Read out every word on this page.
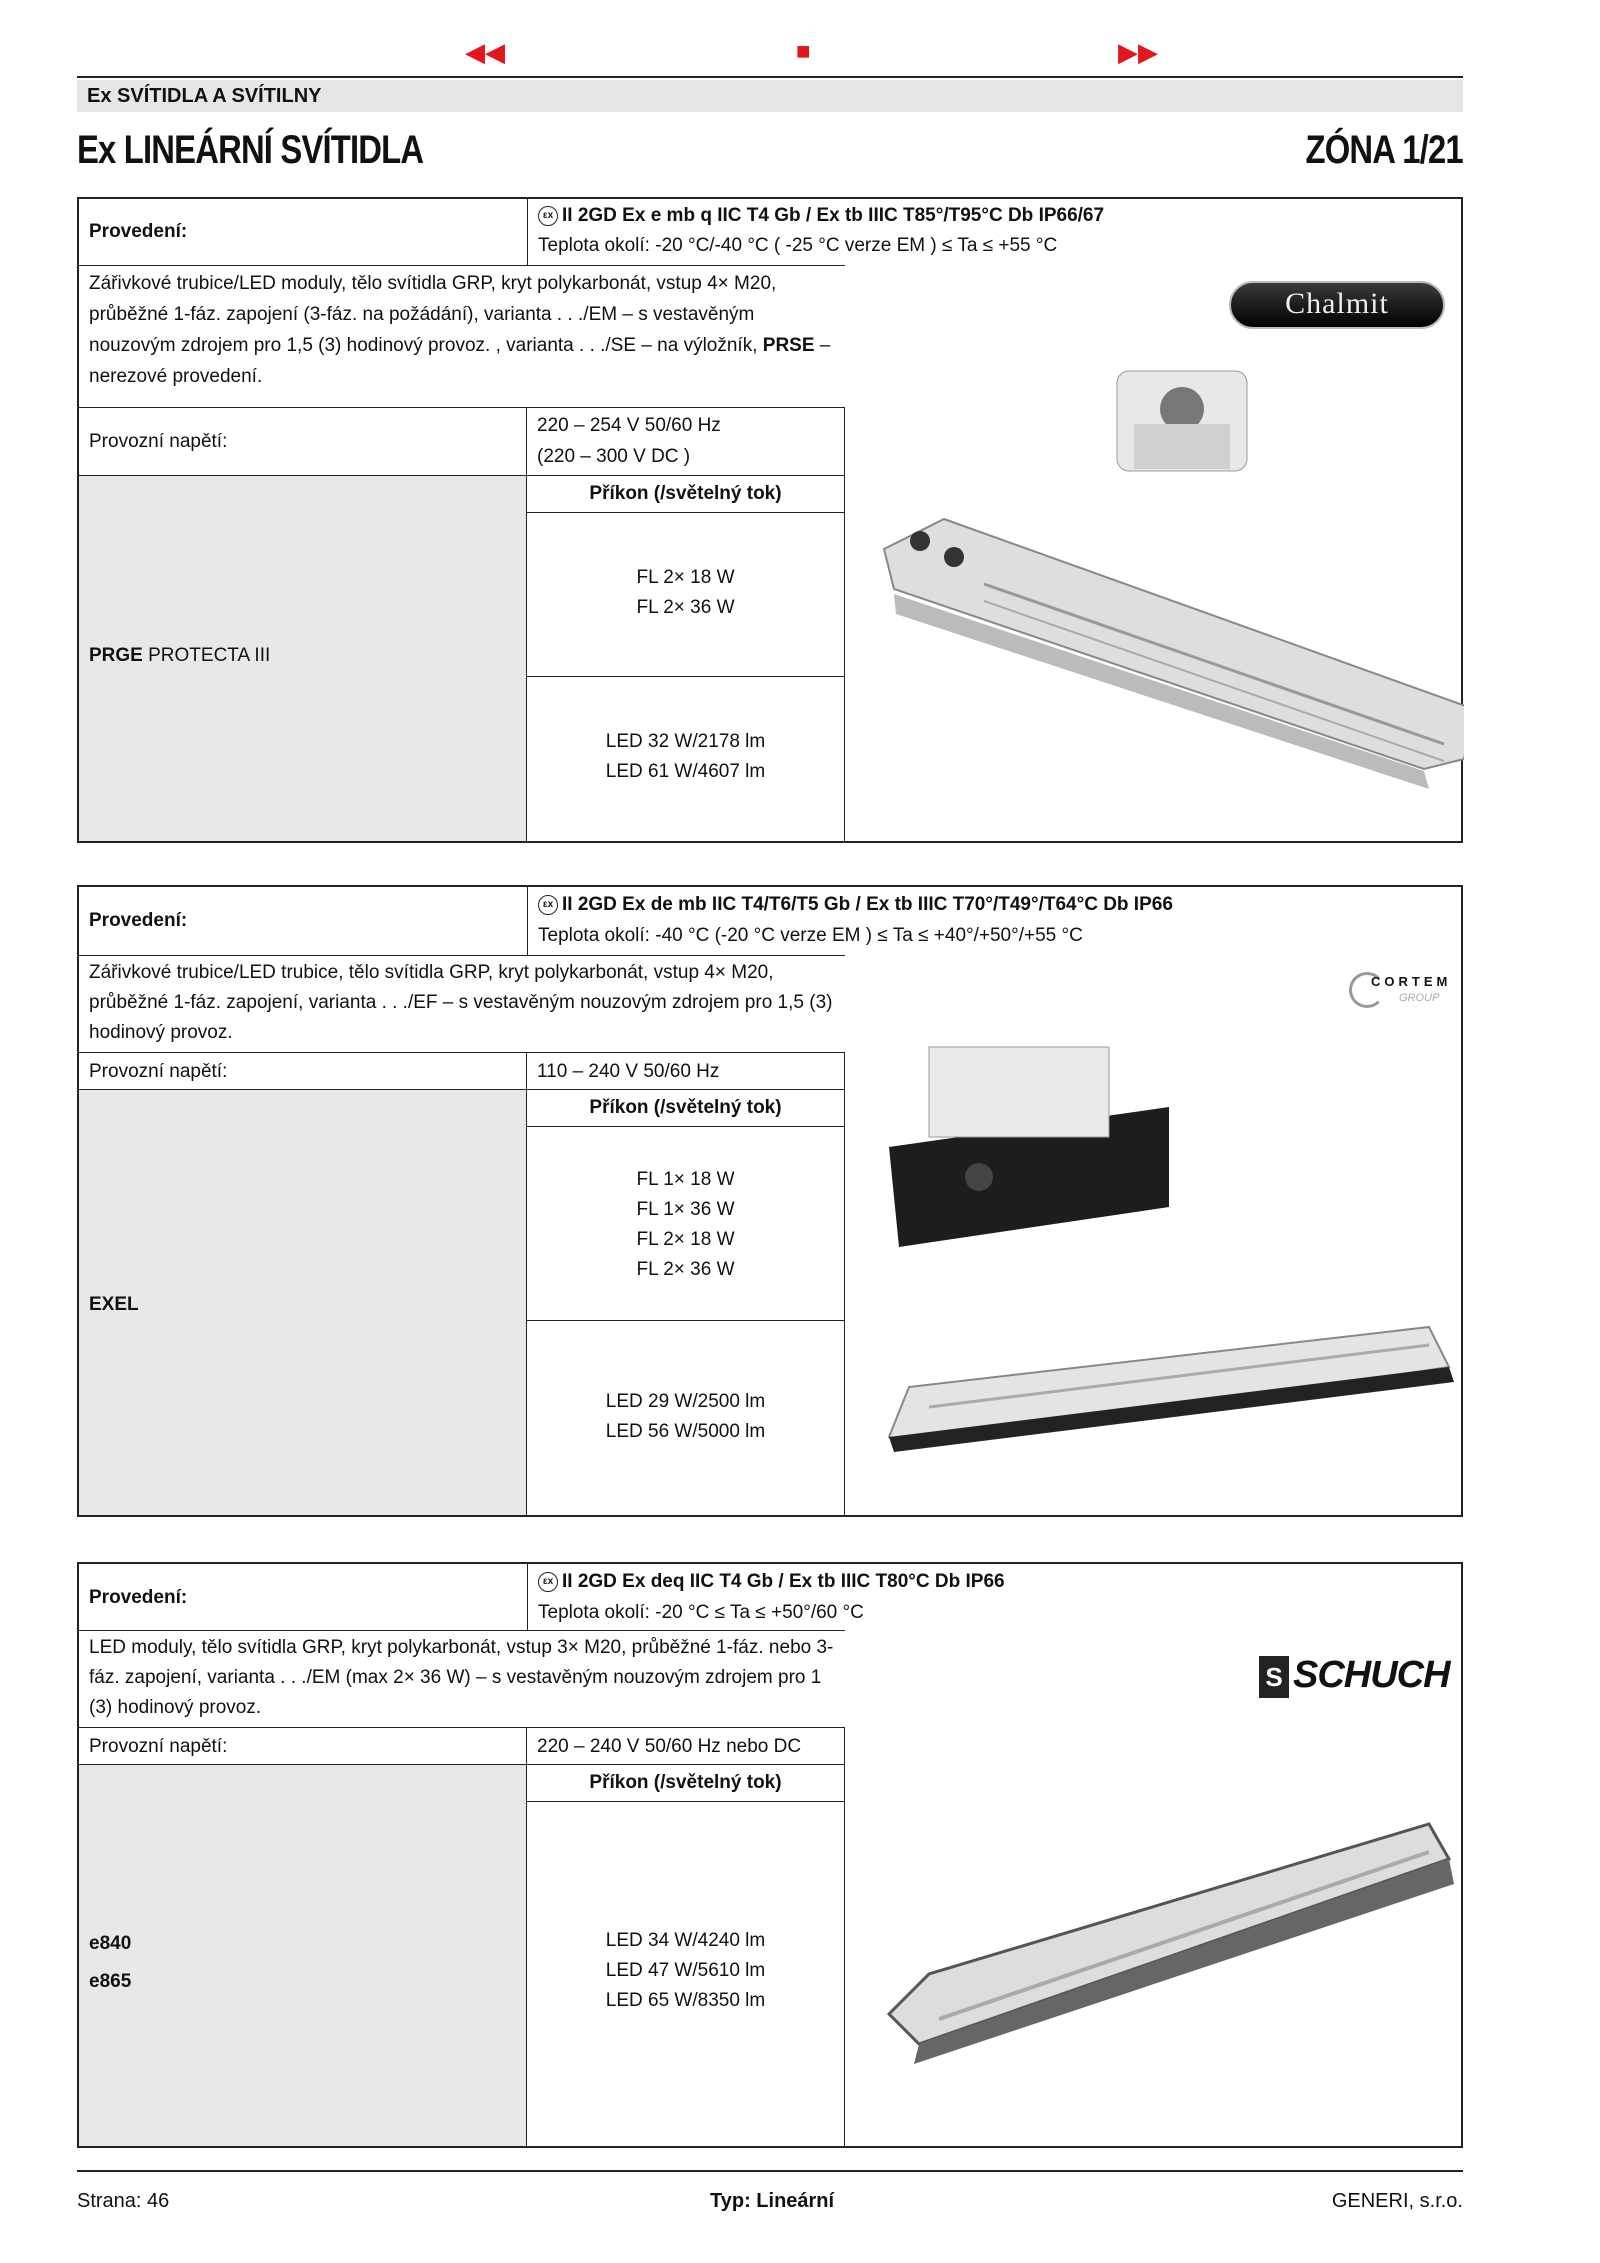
◀◀	■	▶▶
Ex SVÍTIDLA A SVÍTILNY
Ex LINEÁRNÍ SVÍTIDLA	ZÓNA 1/21
Provedení:
εx II 2GD Ex e mb q IIC T4 Gb / Ex tb IIIC T85°/T95°C Db IP66/67
Teplota okolí: -20 °C/-40 °C ( -25 °C verze EM ) ≤ Ta ≤ +55 °C
Zářivkové trubice/LED moduly, tělo svítidla GRP, kryt polykarbonát, vstup 4× M20, průběžné 1-fáz. zapojení (3-fáz. na požádání), varianta . . ./EM – s vestavěným nouzovým zdrojem pro 1,5 (3) hodinový provoz. , varianta . . ./SE – na výložník, PRSE – nerezové provedení.
Provozní napětí:
220 – 254 V 50/60 Hz
(220 – 300 V DC )
PRGE PROTECTA III
Příkon (/světelný tok)
FL 2× 18 W
FL 2× 36 W
LED 32 W/2178 lm
LED 61 W/4607 lm
Chalmit
Provedení:
εx II 2GD Ex de mb IIC T4/T6/T5 Gb / Ex tb IIIC T70°/T49°/T64°C Db IP66
Teplota okolí: -40 °C (-20 °C verze EM ) ≤ Ta ≤ +40°/+50°/+55 °C
Zářivkové trubice/LED trubice, tělo svítidla GRP, kryt polykarbonát, vstup 4× M20, průběžné 1-fáz. zapojení, varianta . . ./EF – s vestavěným nouzovým zdrojem pro 1,5 (3) hodinový provoz.
Provozní napětí:	110 – 240 V 50/60 Hz
EXEL
Příkon (/světelný tok)
FL 1× 18 W
FL 1× 36 W
FL 2× 18 W
FL 2× 36 W
LED 29 W/2500 lm
LED 56 W/5000 lm
CORTEM
GROUP
Provedení:
εx II 2GD Ex deq IIC T4 Gb / Ex tb IIIC T80°C Db IP66
Teplota okolí: -20 °C ≤ Ta ≤ +50°/60 °C
LED moduly, tělo svítidla GRP, kryt polykarbonát, vstup 3× M20, průběžné 1-fáz. nebo 3-fáz. zapojení, varianta . . ./EM (max 2× 36 W) – s vestavěným nouzovým zdrojem pro 1 (3) hodinový provoz.
Provozní napětí:	220 – 240 V 50/60 Hz nebo DC
e840
e865
Příkon (/světelný tok)
LED 34 W/4240 lm
LED 47 W/5610 lm
LED 65 W/8350 lm
S SCHUCH
Strana: 46	Typ: Lineární	GENERI, s.r.o.
